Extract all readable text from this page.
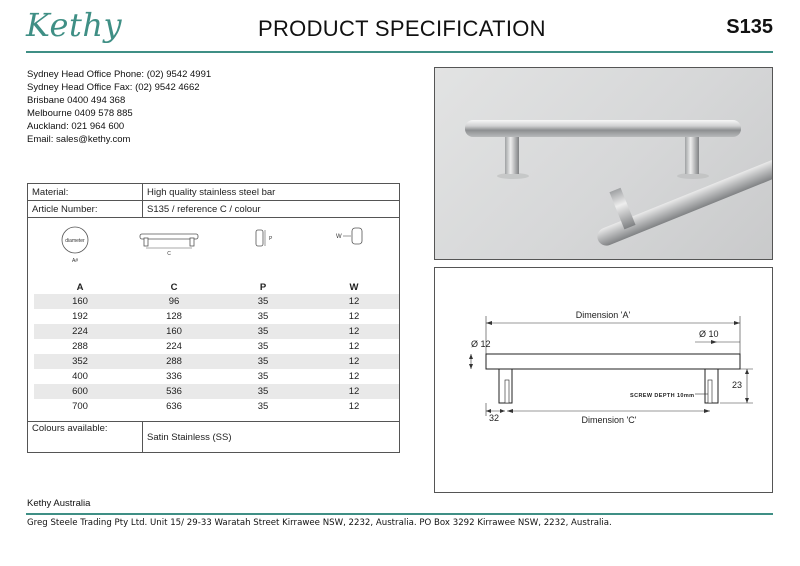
Kethy	PRODUCT SPECIFICATION	S135
Sydney Head Office Phone: (02) 9542 4991
Sydney Head Office Fax: (02) 9542 4662
Brisbane 0400 494 368
Melbourne 0409 578 885
Auckland: 021 964 600
Email: sales@kethy.com
Material:	High quality stainless steel bar
Article Number:	S135 / reference C / colour
diameter
A#
C
P	W
A	C	P	W
160	96	35	12
192	128	35	12
224	160	35	12
288	224	35	12
352	288	35	12
400	336	35	12
600	536	35	12
700	636	35	12
Colours available:
Satin Stainless (SS)
Dimension 'A'
Ø 10
Ø 12
23
SCREW DEPTH 10mm
32	Dimension 'C'
Kethy Australia
Greg Steele Trading Pty Ltd. Unit 15/ 29-33 Waratah Street Kirrawee NSW, 2232, Australia. PO Box 3292 Kirrawee NSW, 2232, Australia.
